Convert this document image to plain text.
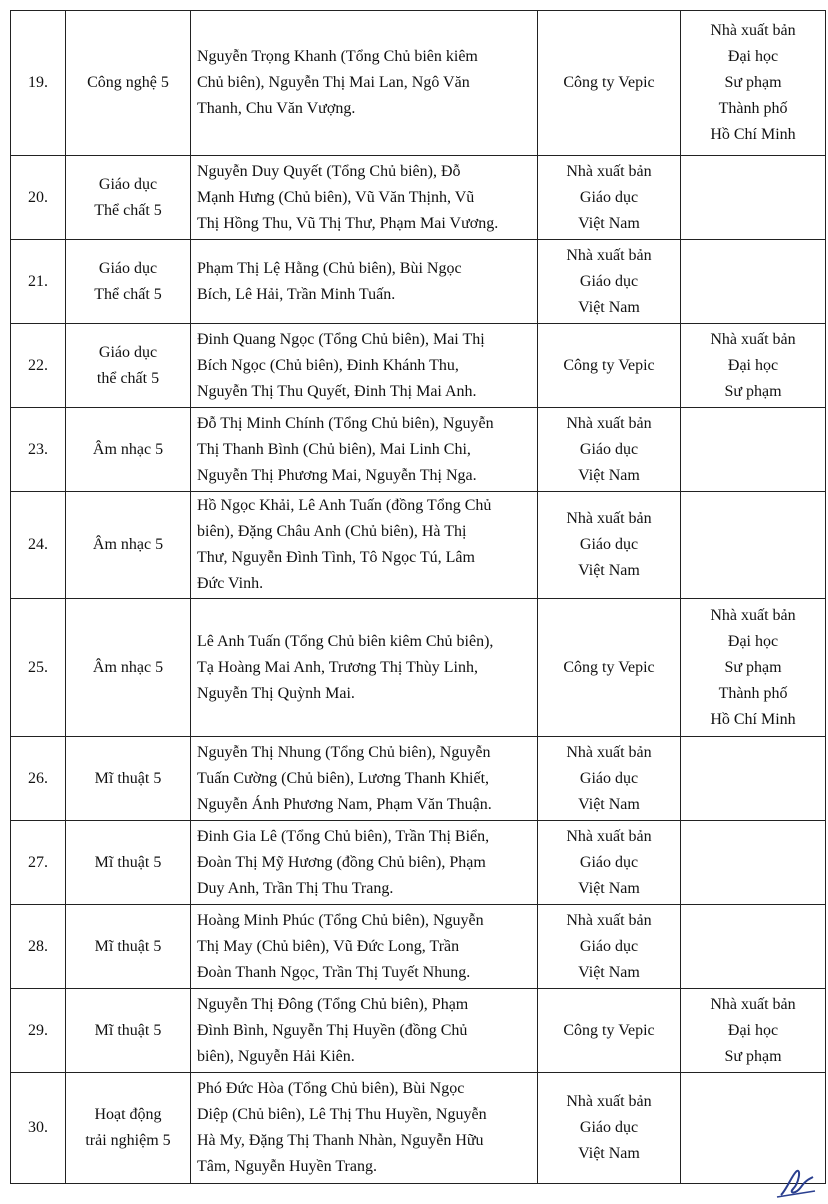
19.	Công nghệ 5	Nguyễn Trọng Khanh (Tổng Chủ biên kiêm
Chủ biên), Nguyễn Thị Mai Lan, Ngô Văn
Thanh, Chu Văn Vượng.	Công ty Vepic	Nhà xuất bản
Đại học
Sư phạm
Thành phố
Hồ Chí Minh

20.	Giáo dục
Thể chất 5	Nguyễn Duy Quyết (Tổng Chủ biên), Đỗ
Mạnh Hưng (Chủ biên), Vũ Văn Thịnh, Vũ
Thị Hồng Thu, Vũ Thị Thư, Phạm Mai Vương.	Nhà xuất bản
Giáo dục
Việt Nam	

21.	Giáo dục
Thể chất 5	Phạm Thị Lệ Hằng (Chủ biên), Bùi Ngọc
Bích, Lê Hải, Trần Minh Tuấn.	Nhà xuất bản
Giáo dục
Việt Nam	

22.	Giáo dục
thể chất 5	Đinh Quang Ngọc (Tổng Chủ biên), Mai Thị
Bích Ngọc (Chủ biên), Đinh Khánh Thu,
Nguyễn Thị Thu Quyết, Đinh Thị Mai Anh.	Công ty Vepic	Nhà xuất bản
Đại học
Sư phạm

23.	Âm nhạc 5	Đỗ Thị Minh Chính (Tổng Chủ biên), Nguyễn
Thị Thanh Bình (Chủ biên), Mai Linh Chi,
Nguyễn Thị Phương Mai, Nguyễn Thị Nga.	Nhà xuất bản
Giáo dục
Việt Nam	

24.	Âm nhạc 5	Hồ Ngọc Khải, Lê Anh Tuấn (đồng Tổng Chủ
biên), Đặng Châu Anh (Chủ biên), Hà Thị
Thư, Nguyễn Đình Tình, Tô Ngọc Tú, Lâm
Đức Vinh.	Nhà xuất bản
Giáo dục
Việt Nam	

25.	Âm nhạc 5	Lê Anh Tuấn (Tổng Chủ biên kiêm Chủ biên),
Tạ Hoàng Mai Anh, Trương Thị Thùy Linh,
Nguyễn Thị Quỳnh Mai.	Công ty Vepic	Nhà xuất bản
Đại học
Sư phạm
Thành phố
Hồ Chí Minh

26.	Mĩ thuật 5	Nguyễn Thị Nhung (Tổng Chủ biên), Nguyễn
Tuấn Cường (Chủ biên), Lương Thanh Khiết,
Nguyễn Ánh Phương Nam, Phạm Văn Thuận.	Nhà xuất bản
Giáo dục
Việt Nam	

27.	Mĩ thuật 5	Đinh Gia Lê (Tổng Chủ biên), Trần Thị Biển,
Đoàn Thị Mỹ Hương (đồng Chủ biên), Phạm
Duy Anh, Trần Thị Thu Trang.	Nhà xuất bản
Giáo dục
Việt Nam	

28.	Mĩ thuật 5	Hoàng Minh Phúc (Tổng Chủ biên), Nguyễn
Thị May (Chủ biên), Vũ Đức Long, Trần
Đoàn Thanh Ngọc, Trần Thị Tuyết Nhung.	Nhà xuất bản
Giáo dục
Việt Nam	

29.	Mĩ thuật 5	Nguyễn Thị Đông (Tổng Chủ biên), Phạm
Đình Bình, Nguyễn Thị Huyền (đồng Chủ
biên), Nguyễn Hải Kiên.	Công ty Vepic	Nhà xuất bản
Đại học
Sư phạm

30.	Hoạt động
trải nghiệm 5	Phó Đức Hòa (Tổng Chủ biên), Bùi Ngọc
Diệp (Chủ biên), Lê Thị Thu Huyền, Nguyễn
Hà My, Đặng Thị Thanh Nhàn, Nguyễn Hữu
Tâm, Nguyễn Huyền Trang.	Nhà xuất bản
Giáo dục
Việt Nam	
